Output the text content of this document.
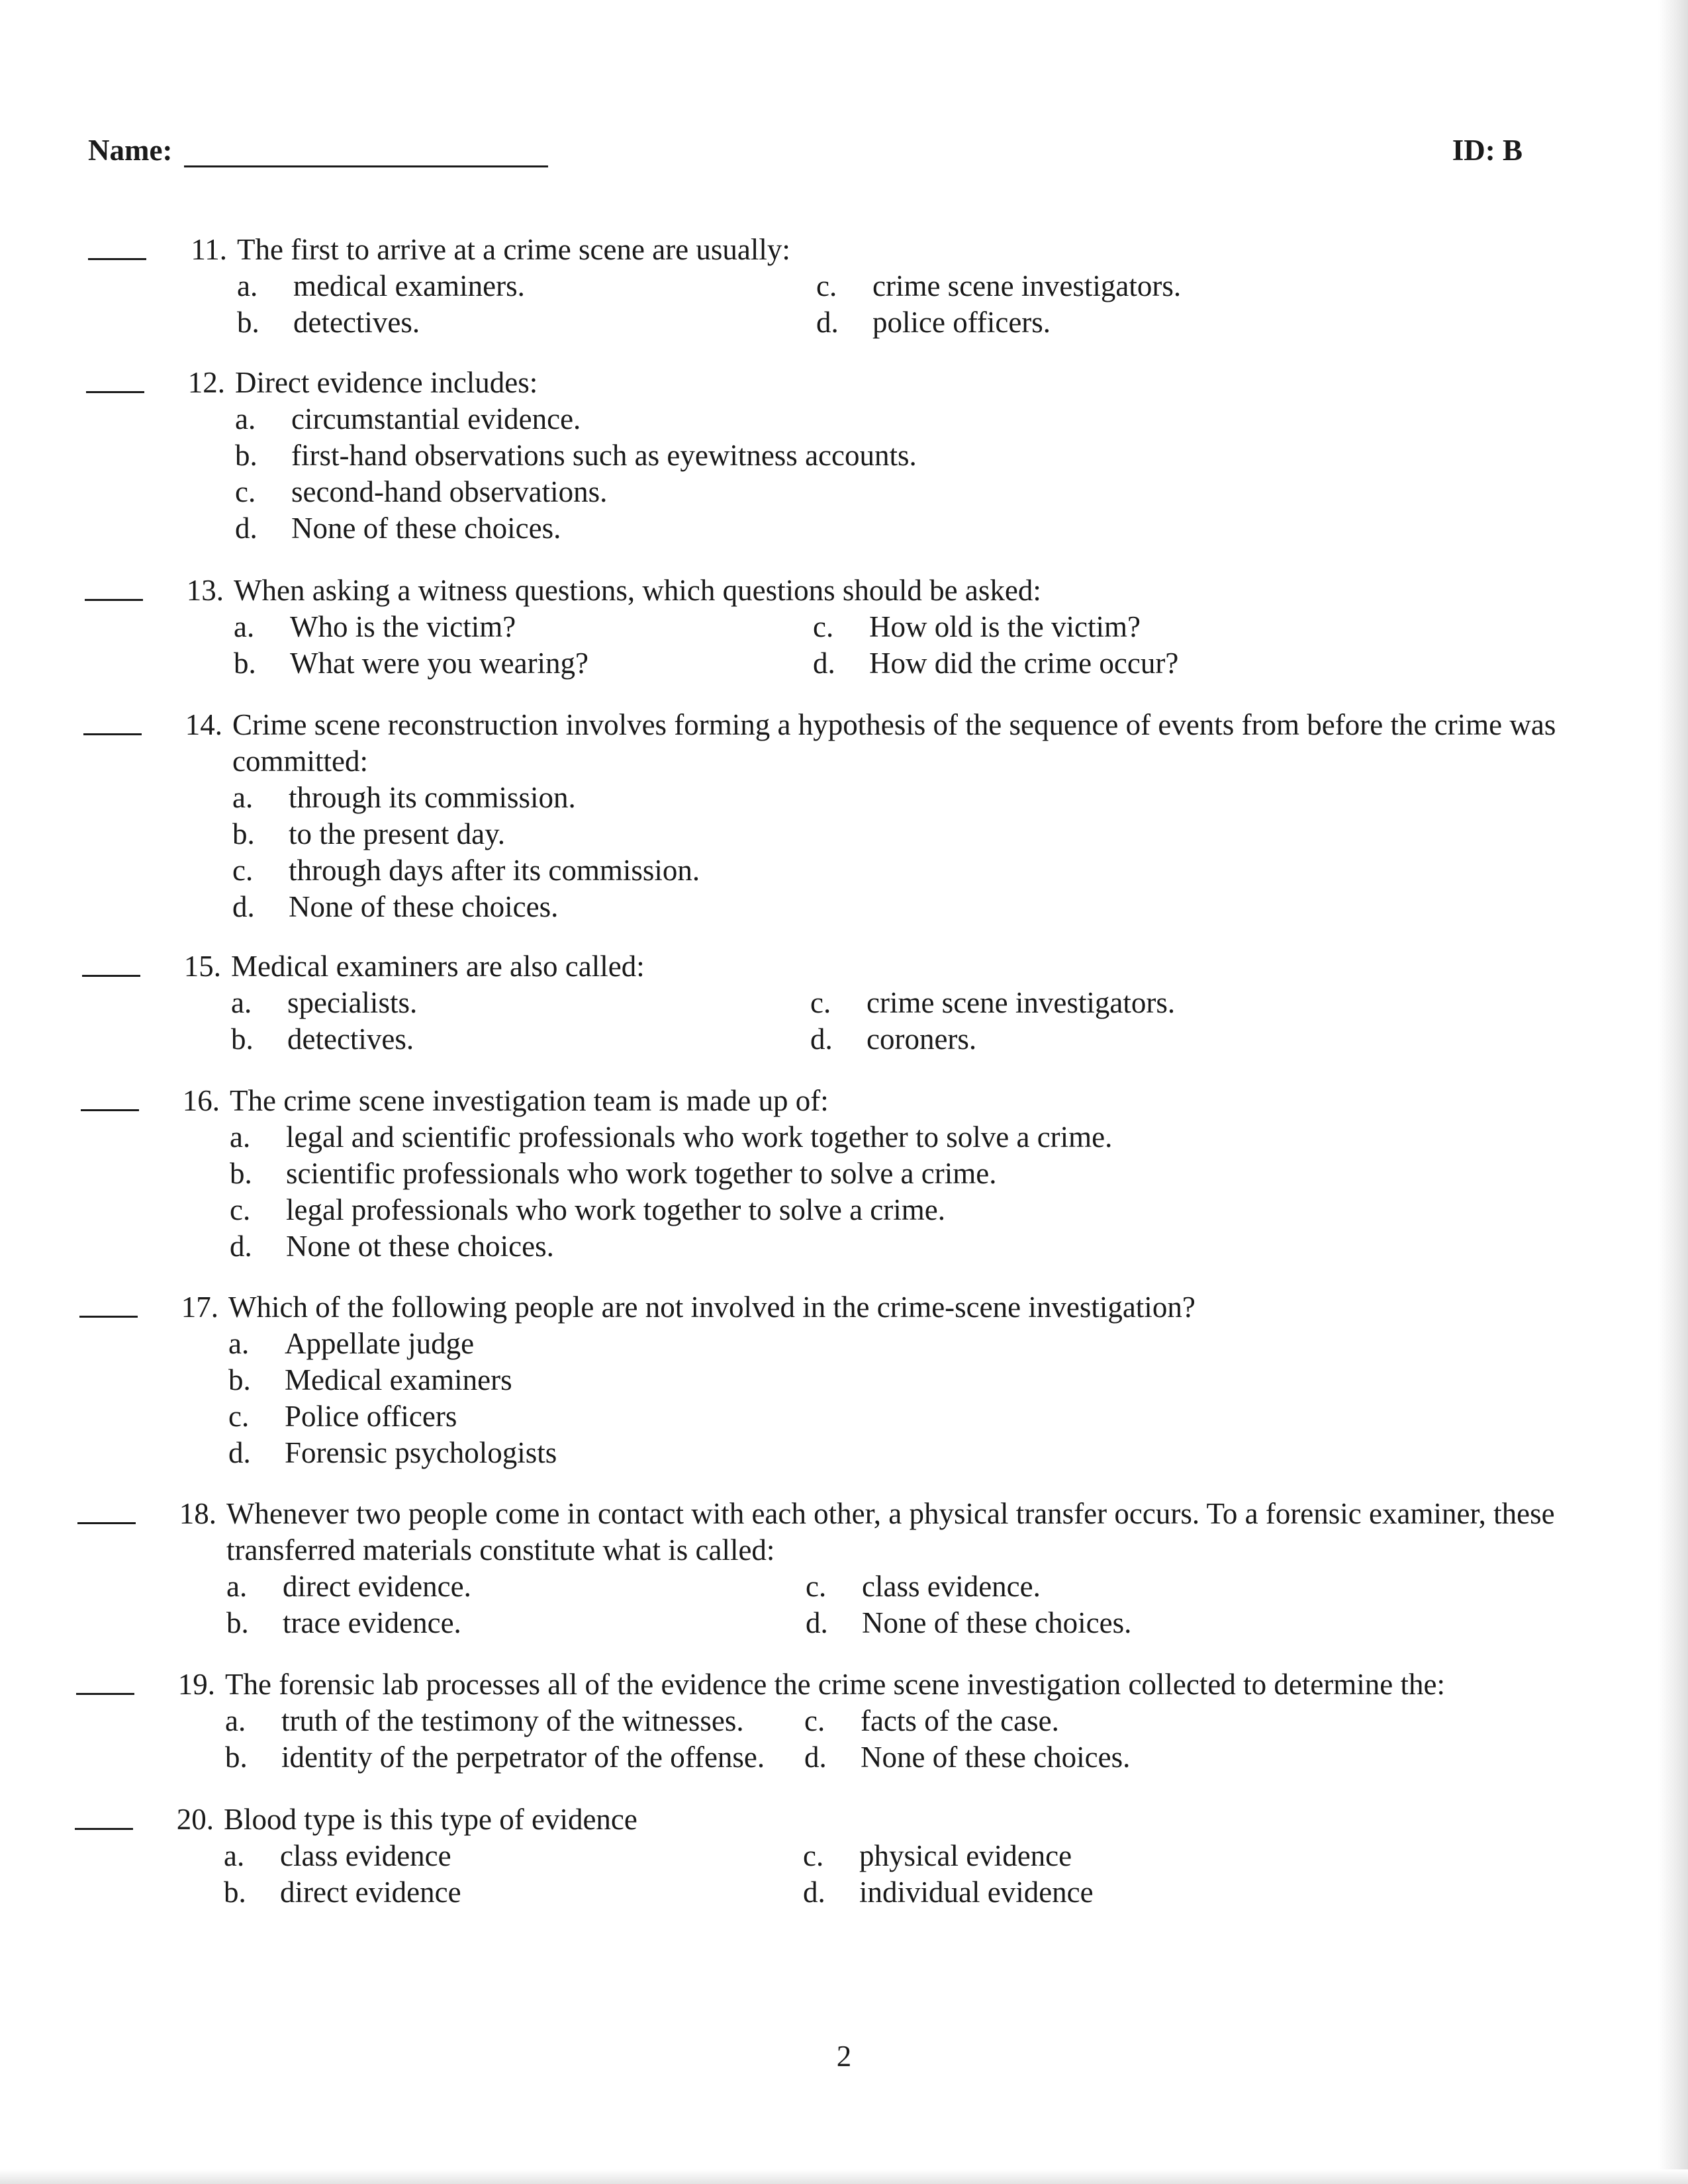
Name:	ID: B
11. The first to arrive at a crime scene are usually:
a. medical examiners.
b. detectives.
c. crime scene investigators.
d. police officers.
12. Direct evidence includes:
a. circumstantial evidence.
b. first-hand observations such as eyewitness accounts.
c. second-hand observations.
d. None of these choices.
13. When asking a witness questions, which questions should be asked:
a. Who is the victim?
b. What were you wearing?
c. How old is the victim?
d. How did the crime occur?
14. Crime scene reconstruction involves forming a hypothesis of the sequence of events from before the crime was committed:
a. through its commission.
b. to the present day.
c. through days after its commission.
d. None of these choices.
15. Medical examiners are also called:
a. specialists.
b. detectives.
c. crime scene investigators.
d. coroners.
16. The crime scene investigation team is made up of:
a. legal and scientific professionals who work together to solve a crime.
b. scientific professionals who work together to solve a crime.
c. legal professionals who work together to solve a crime.
d. None ot these choices.
17. Which of the following people are not involved in the crime-scene investigation?
a. Appellate judge
b. Medical examiners
c. Police officers
d. Forensic psychologists
18. Whenever two people come in contact with each other, a physical transfer occurs. To a forensic examiner, these transferred materials constitute what is called:
a. direct evidence.
b. trace evidence.
c. class evidence.
d. None of these choices.
19. The forensic lab processes all of the evidence the crime scene investigation collected to determine the:
a. truth of the testimony of the witnesses.
b. identity of the perpetrator of the offense.
c. facts of the case.
d. None of these choices.
20. Blood type is this type of evidence
a. class evidence
b. direct evidence
c. physical evidence
d. individual evidence
2
